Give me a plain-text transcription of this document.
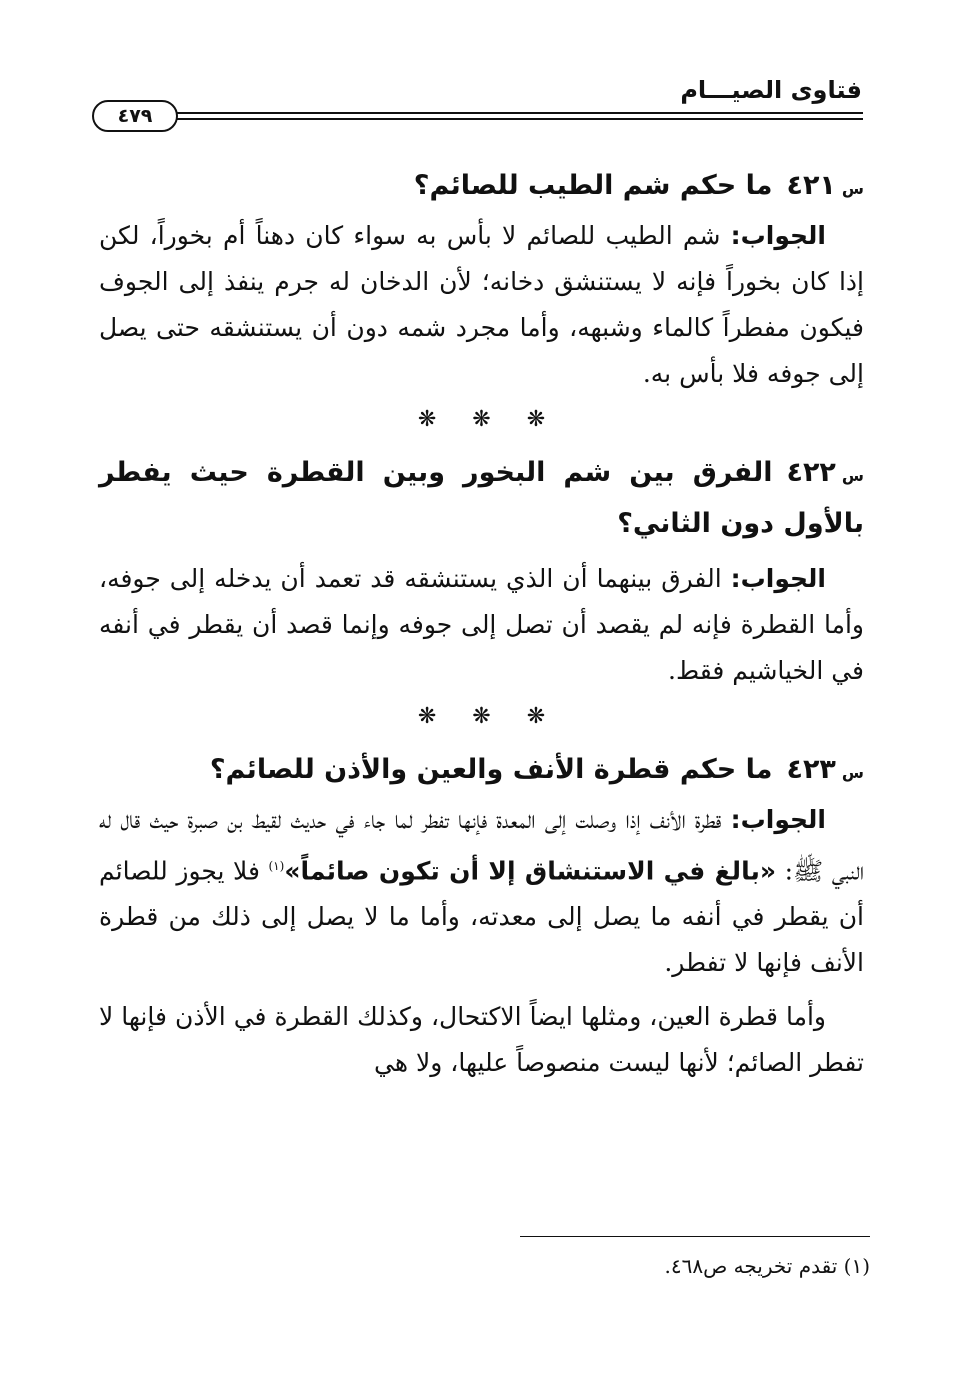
فتاوى الصيـــام
٤٧٩

س٤٢١ما حكم شم الطيب للصائم؟

الجواب: شم الطيب للصائم لا بأس به سواء كان دهناً أم بخوراً، لكن إذا كان بخوراً فإنه لا يستنشق دخانه؛ لأن الدخان له جرم ينفذ إلى الجوف فيكون مفطراً كالماء وشبهه، وأما مجرد شمه دون أن يستنشقه حتى يصل إلى جوفه فلا بأس به.

❋
❋
❋

س٤٢٢الفرق بين شم البخور وبين القطرة حيث يفطر بالأول دون الثاني؟

الجواب: الفرق بينهما أن الذي يستنشقه قد تعمد أن يدخله إلى جوفه، وأما القطرة فإنه لم يقصد أن تصل إلى جوفه وإنما قصد أن يقطر في أنفه في الخياشيم فقط.

❋
❋
❋

س٤٢٣ما حكم قطرة الأنف والعين والأذن للصائم؟

الجواب: قطرة الأنف إذا وصلت إلى المعدة فإنها تفطر لما جاء في حديث لقيط بن صبرة حيث قال له النبي ﷺ: «بالغ في الاستنشاق إلا أن تكون صائماً»$^{(١)}$ فلا يجوز للصائم أن يقطر في أنفه ما يصل إلى معدته، وأما ما لا يصل إلى ذلك من قطرة الأنف فإنها لا تفطر.

وأما قطرة العين، ومثلها ايضاً الاكتحال، وكذلك القطرة في الأذن فإنها لا تفطر الصائم؛ لأنها ليست منصوصاً عليها، ولا هي

(١) تقدم تخريجه ص٤٦٨.
